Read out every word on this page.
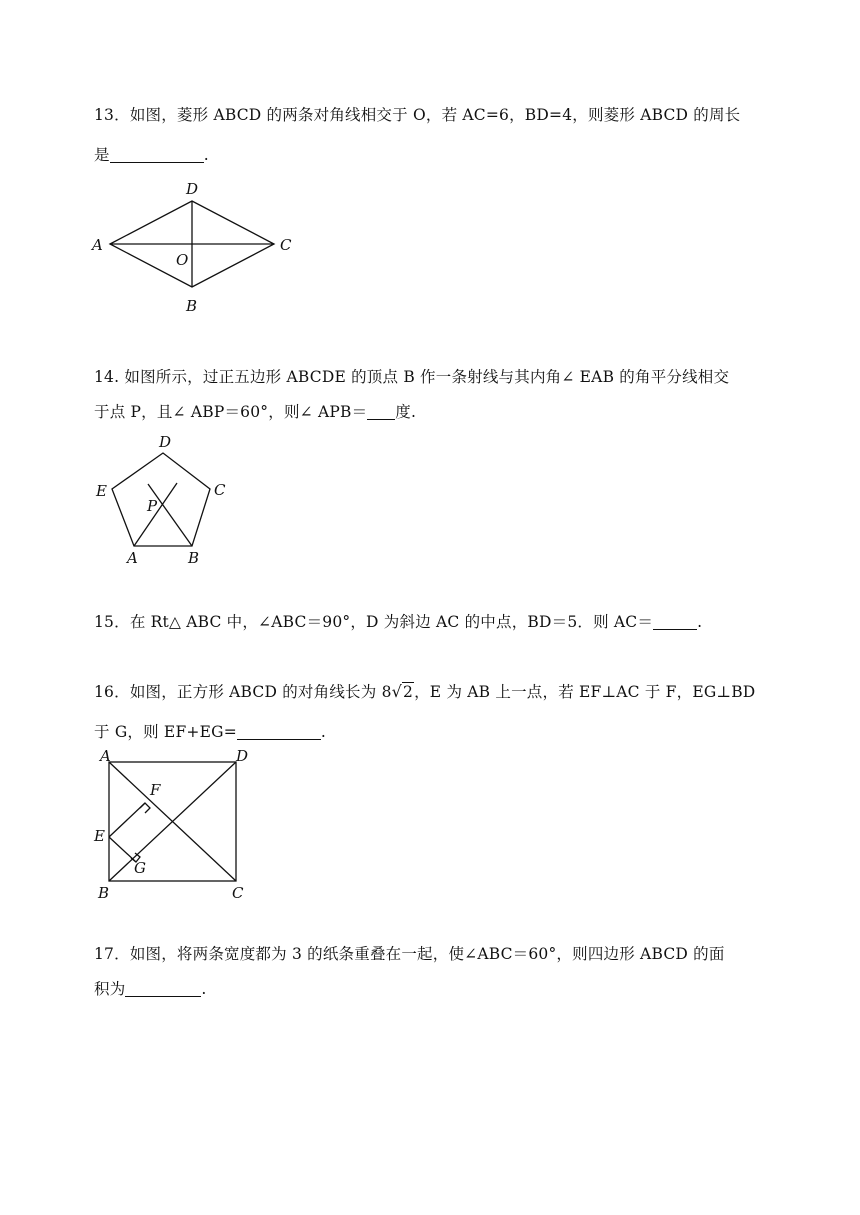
13．如图，菱形 ABCD 的两条对角线相交于 O，若 AC=6，BD=4，则菱形 ABCD 的周长
是	.
A
B
C
D
O
14. 如图所示，过正五边形 ABCDE 的顶点 B 作一条射线与其内角∠ EAB 的角平分线相交
于点 P，且∠ ABP＝60°，则∠ APB＝ 度.
A	B
C
D
E
P
15．在 Rt△ ABC 中，∠ABC＝90°，D 为斜边 AC 的中点，BD＝5．则 AC＝	.
16．如图，正方形 ABCD 的对角线长为 8√2，E 为 AB 上一点，若 EF⊥AC 于 F，EG⊥BD
于 G，则 EF+EG=	.
A
B	C
D
E
F
G
17．如图，将两条宽度都为 3 的纸条重叠在一起，使∠ABC＝60°，则四边形 ABCD 的面
积为	.
